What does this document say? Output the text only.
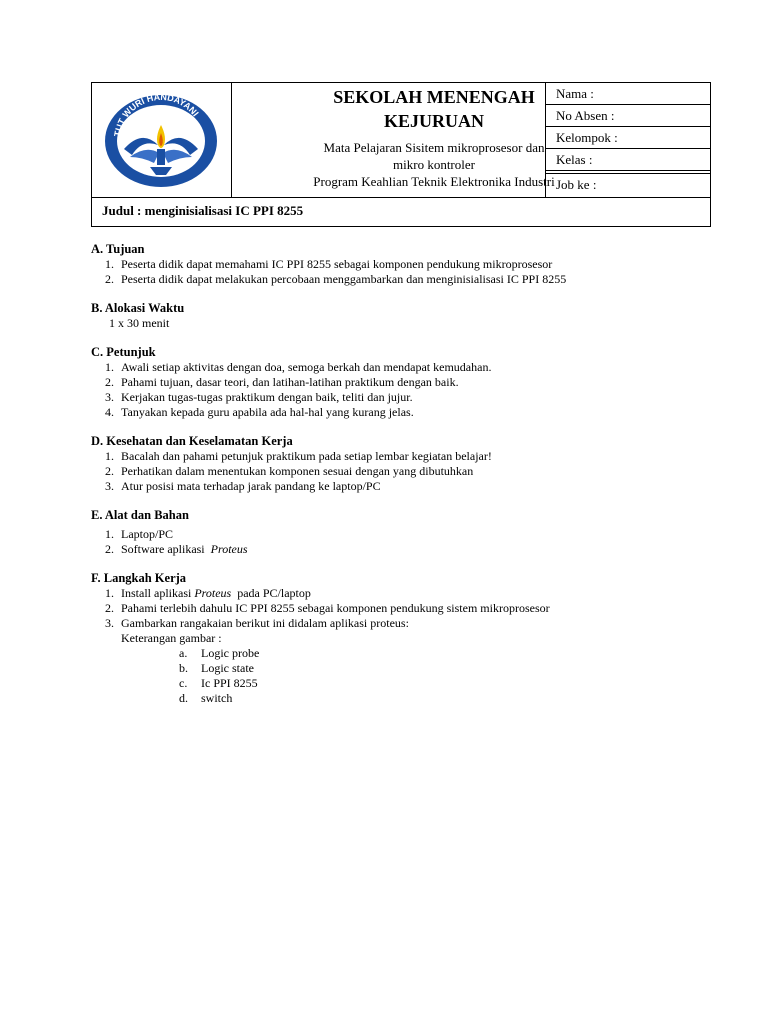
TUT WURI HANDAYANI
SEKOLAH MENENGAH
KEJURUAN
Mata Pelajaran Sisitem mikroprosesor dan
mikro kontroler
Program Keahlian Teknik Elektronika Industri
Nama :
No Absen :
Kelompok :
Kelas :
Job ke :
Judul : menginisialisasi IC PPI 8255
A. Tujuan
1. Peserta didik dapat memahami IC PPI 8255 sebagai komponen pendukung mikroprosesor
2. Peserta didik dapat melakukan percobaan menggambarkan dan menginisialisasi IC PPI 8255
B. Alokasi Waktu
1 x 30 menit
C. Petunjuk
1. Awali setiap aktivitas dengan doa, semoga berkah dan mendapat kemudahan.
2. Pahami tujuan, dasar teori, dan latihan-latihan praktikum dengan baik.
3. Kerjakan tugas-tugas praktikum dengan baik, teliti dan jujur.
4. Tanyakan kepada guru apabila ada hal-hal yang kurang jelas.
D. Kesehatan dan Keselamatan Kerja
1. Bacalah dan pahami petunjuk praktikum pada setiap lembar kegiatan belajar!
2. Perhatikan dalam menentukan komponen sesuai dengan yang dibutuhkan
3. Atur posisi mata terhadap jarak pandang ke laptop/PC
E. Alat dan Bahan
1. Laptop/PC
2. Software aplikasi  Proteus
F. Langkah Kerja
1. Install aplikasi Proteus  pada PC/laptop
2. Pahami terlebih dahulu IC PPI 8255 sebagai komponen pendukung sistem mikroprosesor
3. Gambarkan rangakaian berikut ini didalam aplikasi proteus:
Keterangan gambar :
a. Logic probe
b. Logic state
c. Ic PPI 8255
d. switch
